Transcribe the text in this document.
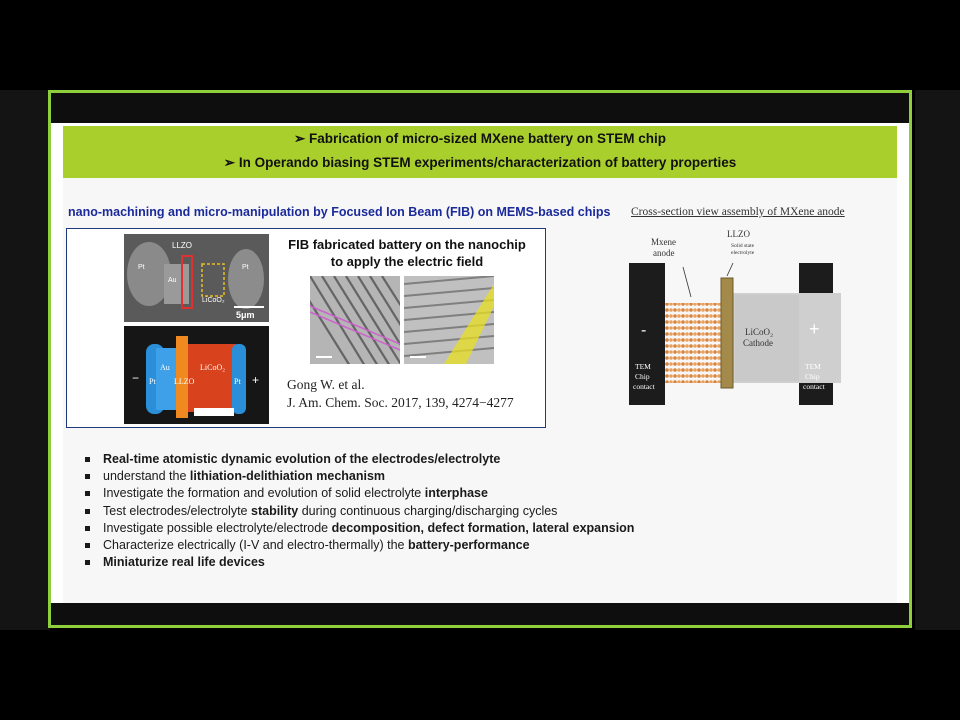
➢ Fabrication of micro-sized MXene battery on STEM chip
➢ In Operando biasing STEM experiments/characterization of battery properties
nano-machining and micro-manipulation by Focused Ion Beam (FIB) on MEMS-based chips
LLZO
Pt
Au
Pt
LiCoO₂
5μm
− Pt
Au
LLZO
LiCoO₂
Pt +
FIB fabricated battery on the nanochip
to apply the electric field
Gong W. et al.
J. Am. Chem. Soc. 2017, 139, 4274−4277
Cross-section view assembly of MXene anode
Mxene
anode
LLZO
Solid state
electrolyte
-	+
LiCoO₂
Cathode
TEM
Chip
contact
TEM
Chip
contact
Real-time atomistic dynamic evolution of the electrodes/electrolyte
understand the lithiation-delithiation mechanism
Investigate the formation and evolution of solid electrolyte interphase
Test electrodes/electrolyte stability during continuous charging/discharging cycles
Investigate possible electrolyte/electrode decomposition, defect formation, lateral expansion
Characterize electrically (I-V and electro-thermally) the battery-performance
Miniaturize real life devices
